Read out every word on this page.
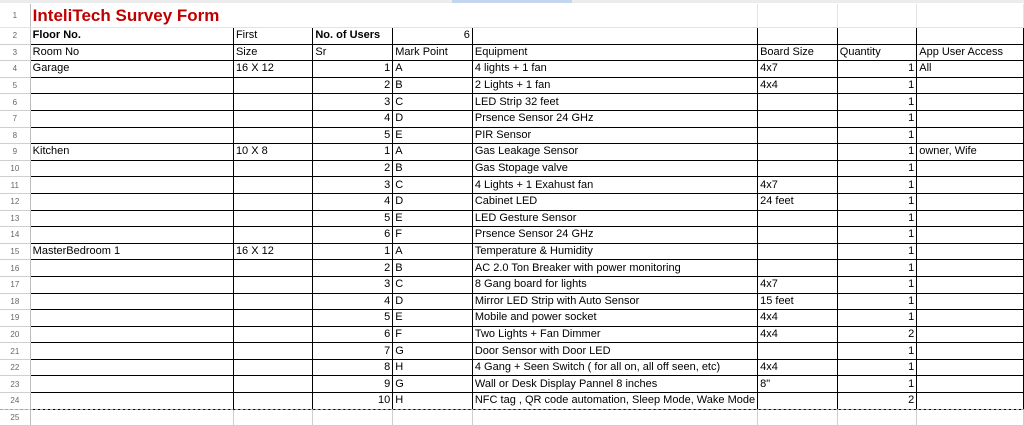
1	InteliTech Survey Form							
2	Floor No.	First	No. of Users	6				
3	Room No	Size	Sr	Mark Point	Equipment	Board Size	Quantity	App User Access
4	Garage	16 X 12	1	A	4 lights + 1 fan	4x7	1	All
5			2	B	2 Lights + 1 fan	4x4	1	
6			3	C	LED Strip 32 feet		1	
7			4	D	Prsence Sensor 24 GHz		1	
8			5	E	PIR Sensor		1	
9	Kitchen	10 X 8	1	A	Gas Leakage Sensor		1	owner, Wife
10			2	B	Gas Stopage valve		1	
11			3	C	4 Lights + 1 Exahust fan	4x7	1	
12			4	D	Cabinet LED	24 feet	1	
13			5	E	LED Gesture Sensor		1	
14			6	F	Prsence Sensor 24 GHz		1	
15	MasterBedroom 1	16 X 12	1	A	Temperature & Humidity		1	
16			2	B	AC 2.0 Ton Breaker with power monitoring		1	
17			3	C	8 Gang board for lights	4x7	1	
18			4	D	Mirror LED Strip with Auto Sensor	15 feet	1	
19			5	E	Mobile and power socket	4x4	1	
20			6	F	Two Lights + Fan Dimmer	4x4	2	
21			7	G	Door Sensor with Door LED		1	
22			8	H	4 Gang + Seen Switch ( for all on, all off seen, etc)	4x4	1	
23			9	G	Wall or Desk Display Pannel 8 inches	8"	1	
24			10	H	NFC tag , QR code automation, Sleep Mode, Wake Mode		2	
25								
